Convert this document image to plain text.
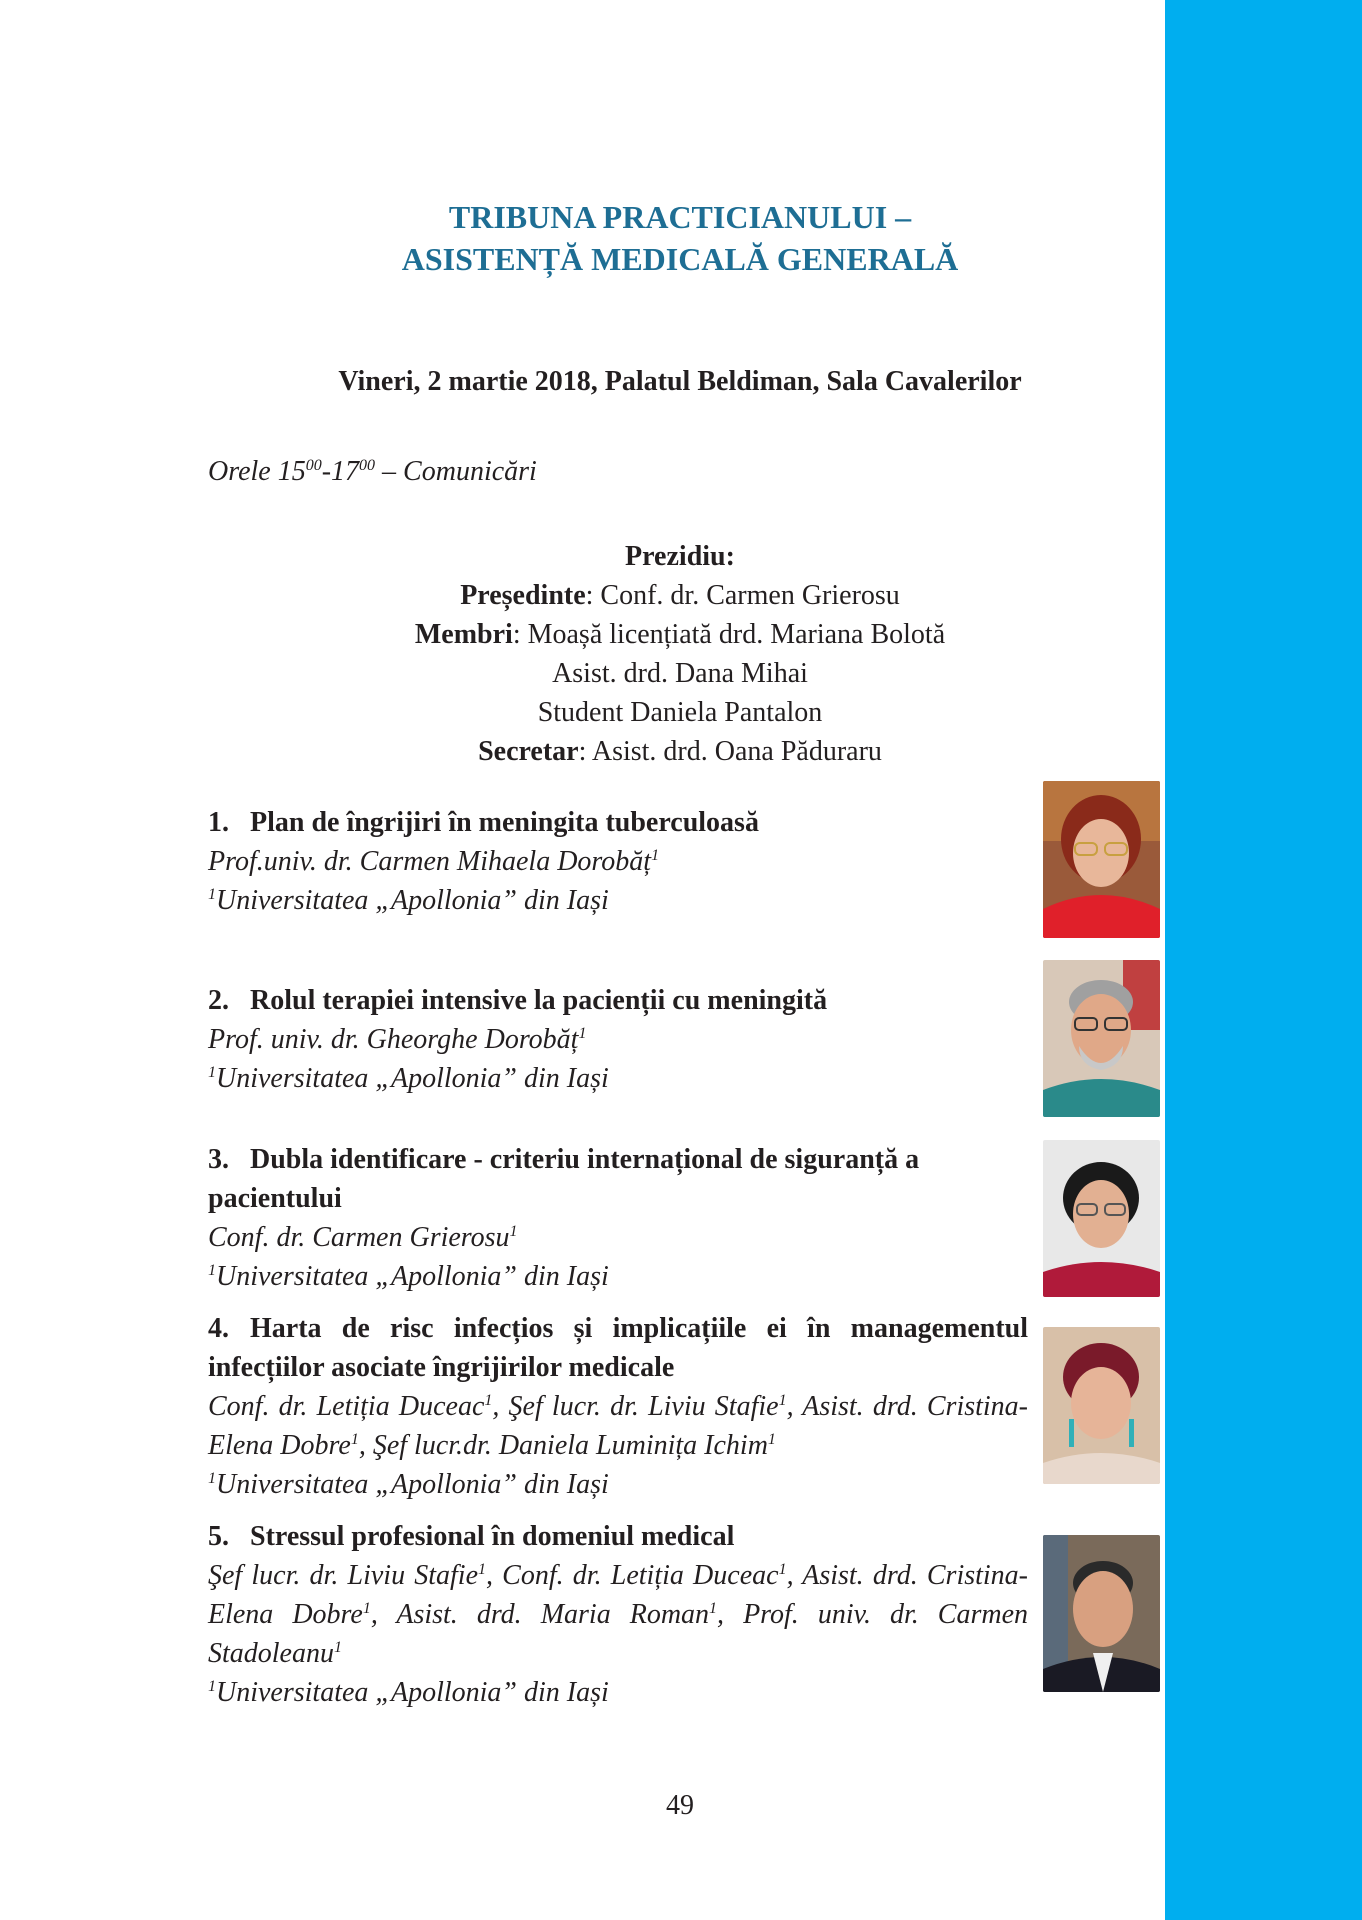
TRIBUNA PRACTICIANULUI –
ASISTENȚĂ MEDICALĂ GENERALĂ
Vineri, 2 martie 2018, Palatul Beldiman, Sala Cavalerilor
Orele $15^{00}-17^{00}$ – Comunicări
Prezidiu:
Președinte: Conf. dr. Carmen Grierosu
Membri: Moașă licențiată drd. Mariana Bolotă
Asist. drd. Dana Mihai
Student Daniela Pantalon
Secretar: Asist. drd. Oana Păduraru
1. Plan de îngrijiri în meningita tuberculoasă
Prof.univ. dr. Carmen Mihaela Dorobăț$^1$
$^1$Universitatea „Apollonia” din Iași
2. Rolul terapiei intensive la pacienții cu meningită
Prof. univ. dr. Gheorghe Dorobăț$^1$
$^1$Universitatea „Apollonia” din Iași
3. Dubla identificare - criteriu internațional de siguranță a pacientului
Conf. dr. Carmen Grierosu$^1$
$^1$Universitatea „Apollonia” din Iași
4. Harta de risc infecțios și implicațiile ei în managementul infecțiilor asociate îngrijirilor medicale
Conf. dr. Letiția Duceac$^1$, Şef lucr. dr. Liviu Stafie$^1$, Asist. drd. Cristina-Elena Dobre$^1$, Şef lucr.dr. Daniela Luminița Ichim$^1$
$^1$Universitatea „Apollonia” din Iași
5. Stressul profesional în domeniul medical
Şef lucr. dr. Liviu Stafie$^1$, Conf. dr. Letiția Duceac$^1$, Asist. drd. Cristina-Elena Dobre$^1$, Asist. drd. Maria Roman$^1$, Prof. univ. dr. Carmen Stadoleanu$^1$
$^1$Universitatea „Apollonia” din Iași
49
